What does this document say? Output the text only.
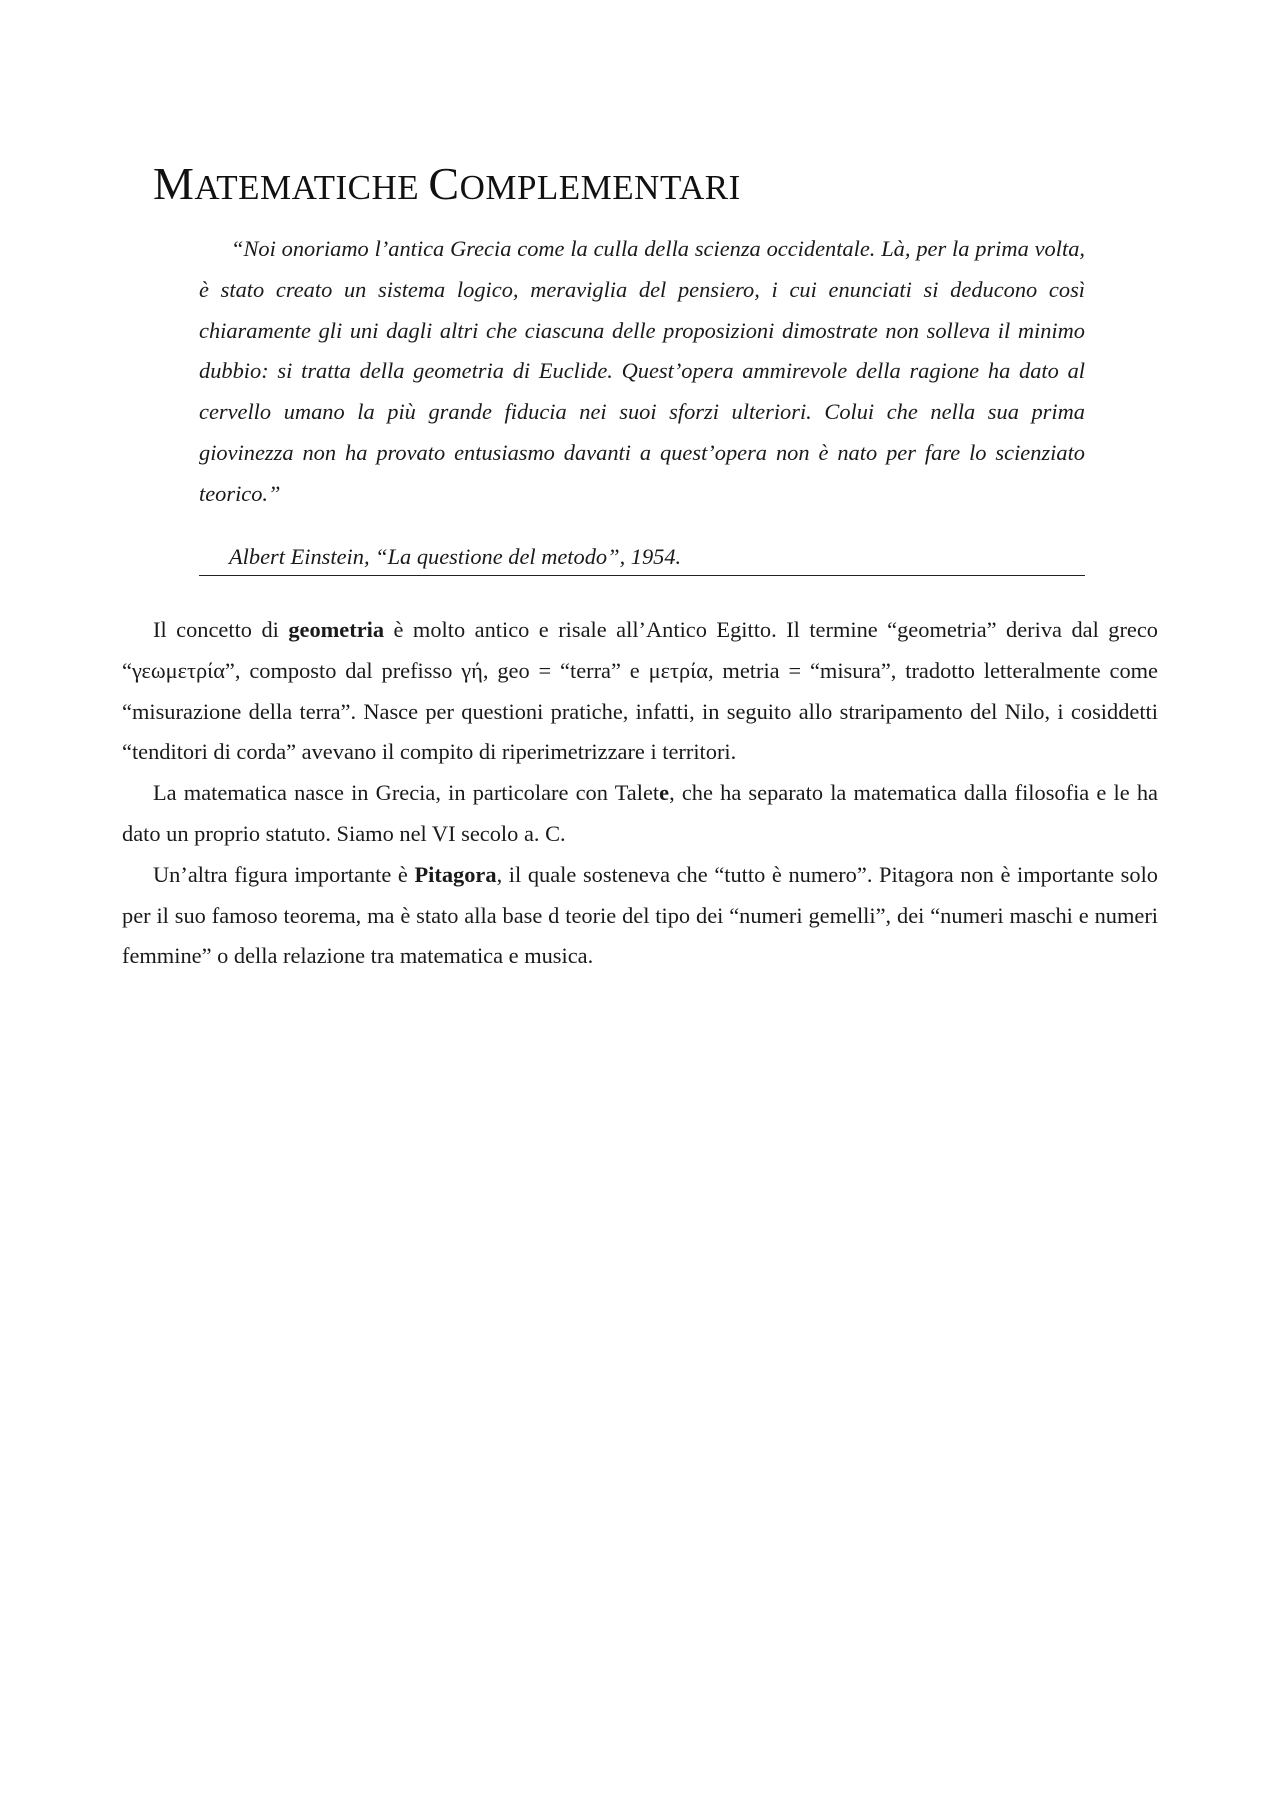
MATEMATICHE COMPLEMENTARI

“Noi onoriamo l’antica Grecia come la culla della scienza occidentale. Là, per la prima volta, è stato creato un sistema logico, meraviglia del pensiero, i cui enunciati si deducono così chiaramente gli uni dagli altri che ciascuna delle proposizioni dimostrate non solleva il minimo dubbio: si tratta della geometria di Euclide. Quest’opera ammirevole della ragione ha dato al cervello umano la più grande fiducia nei suoi sforzi ulteriori. Colui che nella sua prima giovinezza non ha provato entusiasmo davanti a quest’opera non è nato per fare lo scienziato teorico.”

Albert Einstein, “La questione del metodo”, 1954.

Il concetto di geometria è molto antico e risale all’Antico Egitto. Il termine “geometria” deriva dal greco “γεωμετρία”, composto dal prefisso γή, geo = “terra” e μετρία, metria = “misura”, tradotto letteralmente come “misurazione della terra”. Nasce per questioni pratiche, infatti, in seguito allo straripamento del Nilo, i cosiddetti “tenditori di corda” avevano il compito di riperimetrizzare i territori.

La matematica nasce in Grecia, in particolare con Talete, che ha separato la matematica dalla filosofia e le ha dato un proprio statuto. Siamo nel VI secolo a. C.

Un’altra figura importante è Pitagora, il quale sosteneva che “tutto è numero”. Pitagora non è importante solo per il suo famoso teorema, ma è stato alla base d teorie del tipo dei “numeri gemelli”, dei “numeri maschi e numeri femmine” o della relazione tra matematica e musica.
